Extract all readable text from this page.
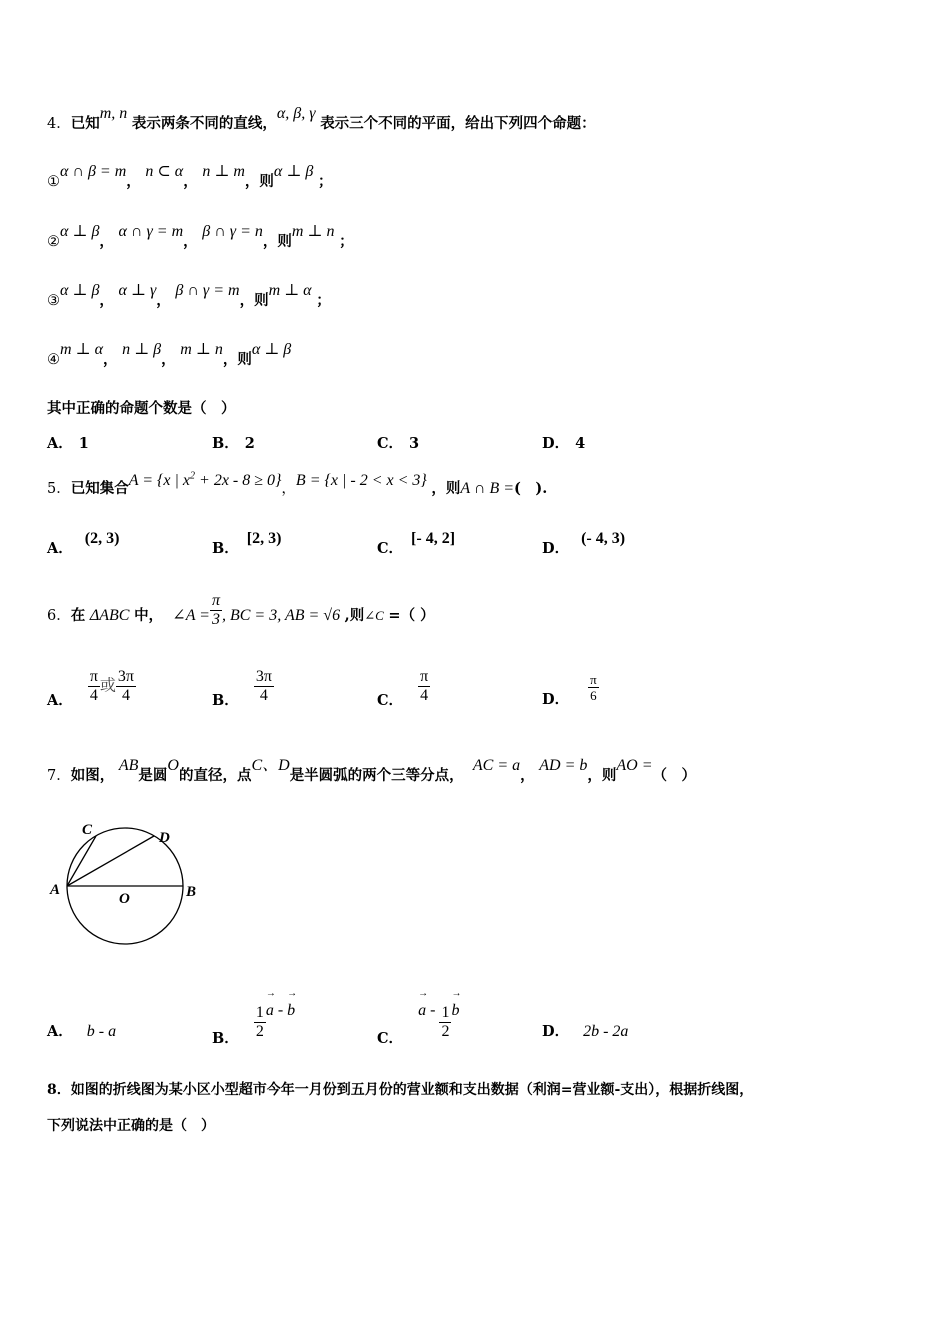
4．已知m, n 表示两条不同的直线，α, β, γ 表示三个不同的平面，给出下列四个命题：
①α ∩ β = m， n ⊂ α， n ⊥ m，则α ⊥ β ；
②α ⊥ β， α ∩ γ = m， β ∩ γ = n，则m ⊥ n ；
③α ⊥ β， α ⊥ γ， β ∩ γ = m，则m ⊥ α ；
④m ⊥ α， n ⊥ β， m ⊥ n，则α ⊥ β
其中正确的命题个数是（　）
A． 1	B． 2	C． 3	D． 4
5．已知集合A = {x | $x^2 + 2x - 8 \ge 0$}，B = {x | - 2 < x < 3} ，则A ∩ B =(　).
A．(2, 3)
B．[2, 3)
C．[- 4, 2]
D．(- 4, 3)
6．在 ΔABC 中， ∠A = $\frac{\pi}{3}$ , BC = 3, AB = √6 ,则∠C =（ ）
A． $\frac{\pi}{4}$ 或 $\frac{3\pi}{4}$	B． $\frac{3\pi}{4}$	C． $\frac{\pi}{4}$	D． $\frac{\pi}{6}$
7．如图， AB是圆O的直径，点C、D是半圆弧的两个三等分点，  AC = a， AD = b，则AO =（　）
A	B
C	D
O
A． b - a	B． $\frac{1}{2}$
→ a - → b
C． → a - $\frac{1}{2}$
→ b
D． 2b - 2a
8．如图的折线图为某小区小型超市今年一月份到五月份的营业额和支出数据（利润=营业额-支出），根据折线图，
下列说法中正确的是（　）
